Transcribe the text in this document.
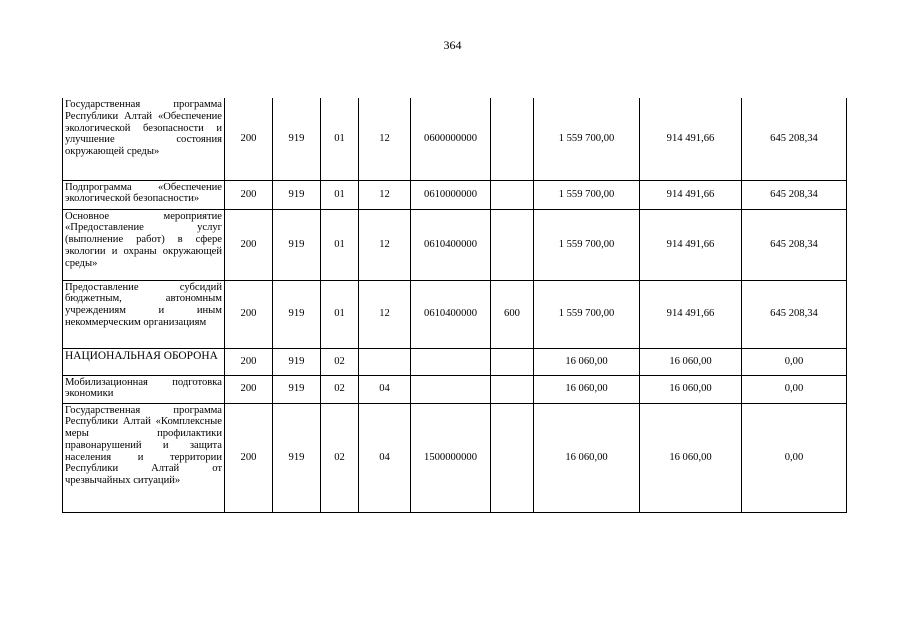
364
Государственная программа Республики Алтай «Обеспечение экологической безопасности и улучшение состояния окружающей среды»	200	919	01	12	0600000000		1 559 700,00	914 491,66	645 208,34
Подпрограмма «Обеспечение экологической безопасности»	200	919	01	12	0610000000		1 559 700,00	914 491,66	645 208,34
Основное мероприятие «Предоставление услуг (выполнение работ) в сфере экологии и охраны окружающей среды»	200	919	01	12	0610400000		1 559 700,00	914 491,66	645 208,34
Предоставление субсидий бюджетным, автономным учреждениям и иным некоммерческим организациям	200	919	01	12	0610400000	600	1 559 700,00	914 491,66	645 208,34
НАЦИОНАЛЬНАЯ ОБОРОНА	200	919	02				16 060,00	16 060,00	0,00
Мобилизационная подготовка экономики	200	919	02	04			16 060,00	16 060,00	0,00
Государственная программа Республики Алтай «Комплексные меры профилактики правонарушений и защита населения и территории Республики Алтай от чрезвычайных ситуаций»	200	919	02	04	1500000000		16 060,00	16 060,00	0,00
